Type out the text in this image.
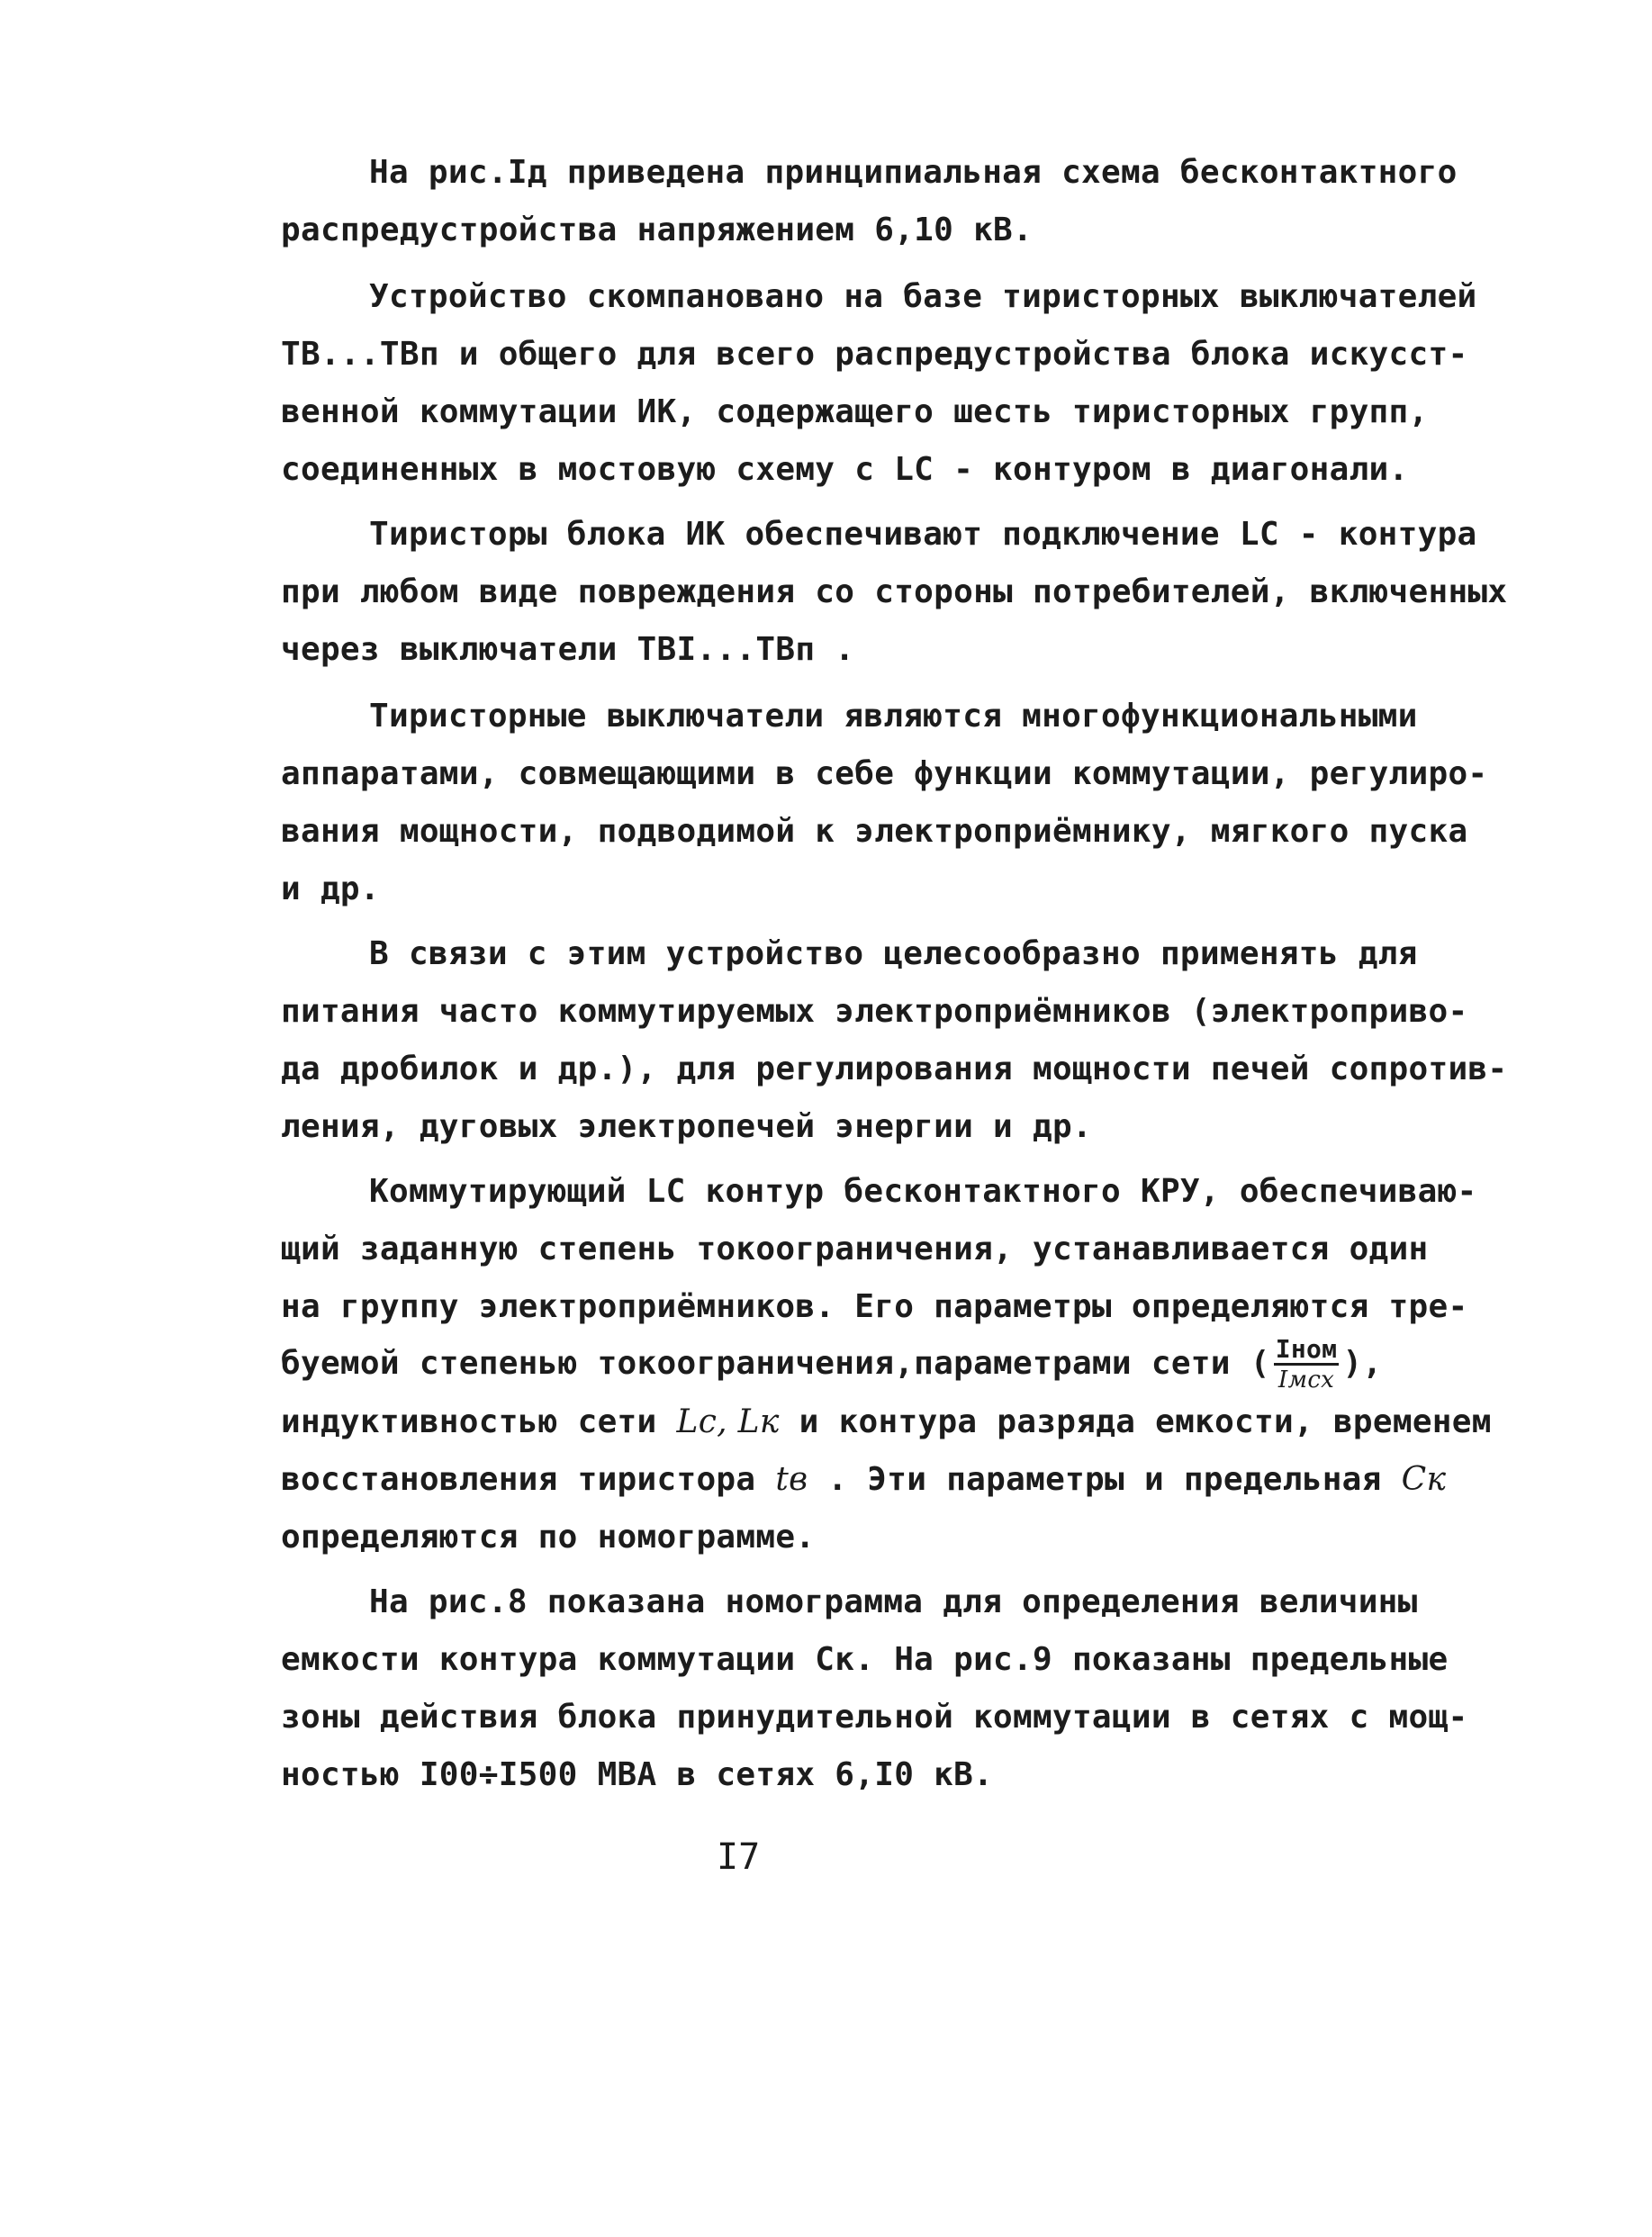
На рис.Iд приведена принципиальная схема бесконтактного
распредустройства напряжением 6,10 кВ.
Устройство скомпановано на базе тиристорных выключателей
ТВ...ТВп и общего для всего распредустройства блока искусст-
венной коммутации ИК, содержащего шесть тиристорных групп,
соединенных в мостовую схему с LC - контуром в диагонали.
Тиристоры блока ИК обеспечивают подключение LC - контура
при любом виде повреждения со стороны потребителей, включенных
через выключатели ТВI...ТВп .
Тиристорные выключатели являются многофункциональными
аппаратами, совмещающими в себе функции коммутации, регулиро-
вания мощности, подводимой к электроприёмнику, мягкого пуска
и др.
В связи с этим устройство целесообразно применять для
питания часто коммутируемых электроприёмников (электроприво-
да дробилок и др.), для регулирования мощности печей сопротив-
ления, дуговых электропечей энергии и др.
Коммутирующий LC контур бесконтактного КРУ, обеспечиваю-
щий заданную степень токоограничения, устанавливается один
на группу электроприёмников. Его параметры определяются тре-
буемой степенью токоограничения,параметрами сети ( $\frac{\text{Iном}}{\text{Iмсх}}$ ),
индуктивностью сети Lc, Lк и контура разряда емкости, временем
восстановления тиристора tв . Эти параметры и предельная Cк
определяются по номограмме.
На рис.8 показана номограмма для определения величины
емкости контура коммутации Ск. На рис.9 показаны предельные
зоны действия блока принудительной коммутации в сетях с мощ-
ностью I00÷I500 МВА в сетях 6,I0 кВ.
I7
